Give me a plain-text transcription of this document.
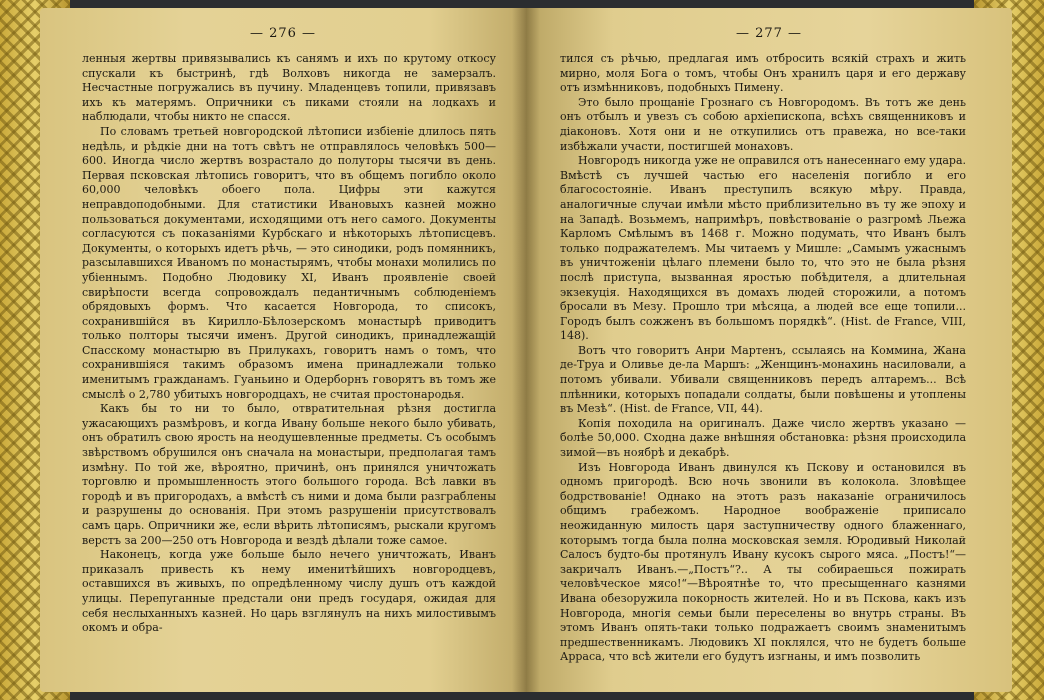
— 276 —

ленныя жертвы привязывались къ санямъ и ихъ по крутому откосу спускали къ быстринѣ, гдѣ Волховъ никогда не замерзалъ. Несчастные погружались въ пучину. Младенцевъ топили, привязавъ ихъ къ матерямъ. Опричники съ пиками стояли на лодкахъ и наблюдали, чтобы никто не спасся.

По словамъ третьей новгородской лѣтописи избіеніе длилось пять недѣль, и рѣдкіе дни на тотъ свѣтъ не отправлялось человѣкъ 500—600. Иногда число жертвъ возрастало до полуторы тысячи въ день. Первая псковская лѣтопись говоритъ, что въ общемъ погибло около 60,000 человѣкъ обоего пола. Цифры эти кажутся неправдоподобными. Для статистики Ивановыхъ казней можно пользоваться документами, исходящими отъ него самого. Документы согласуются съ показаніями Курбскаго и нѣкоторыхъ лѣтописцевъ. Документы, о которыхъ идетъ рѣчь, — это синодики, родъ помянникъ, разсылавшихся Иваномъ по монастырямъ, чтобы монахи молились по убіеннымъ. Подобно Людовику XI, Иванъ проявленіе своей свирѣпости всегда сопровождалъ педантичнымъ соблюденіемъ обрядовыхъ формъ. Что касается Новгорода, то списокъ, сохранившійся въ Кирилло-Бѣлозерскомъ монастырѣ приводитъ только полторы тысячи именъ. Другой синодикъ, принадлежащій Спасскому монастырю въ Прилукахъ, говоритъ намъ о томъ, что сохранившіяся такимъ образомъ имена принадлежали только именитымъ гражданамъ. Гуаньино и Одерборнъ говорятъ въ томъ же смыслѣ о 2,780 убитыхъ новгородцахъ, не считая простонародья.

Какъ бы то ни то было, отвратительная рѣзня достигла ужасающихъ размѣровъ, и когда Ивану больше некого было убивать, онъ обратилъ свою ярость на неодушевленные предметы. Съ особымъ звѣрствомъ обрушился онъ сначала на монастыри, предполагая тамъ измѣну. По той же, вѣроятно, причинѣ, онъ принялся уничтожать торговлю и промышленность этого большого города. Всѣ лавки въ городѣ и въ пригородахъ, а вмѣстѣ съ ними и дома были разграблены и разрушены до основанія. При этомъ разрушеніи присутствовалъ самъ царь. Опричники же, если вѣрить лѣтописямъ, рыскали кругомъ верстъ за 200—250 отъ Новгорода и вездѣ дѣлали тоже самое.

Наконецъ, когда уже больше было нечего уничтожать, Иванъ приказалъ привесть къ нему именитѣйшихъ новгородцевъ, оставшихся въ живыхъ, по опредѣленному числу душъ отъ каждой улицы. Перепуганные предстали они предъ государя, ожидая для себя неслыханныхъ казней. Но царь взглянулъ на нихъ милостивымъ окомъ и обра-

— 277 —

тился съ рѣчью, предлагая имъ отбросить всякій страхъ и жить мирно, моля Бога о томъ, чтобы Онъ хранилъ царя и его державу отъ измѣнниковъ, подобныхъ Пимену.

Это было прощаніе Грознаго съ Новгородомъ. Въ тотъ же день онъ отбылъ и увезъ съ собою архіепископа, всѣхъ священниковъ и діаконовъ. Хотя они и не откупились отъ правежа, но все-таки избѣжали участи, постигшей монаховъ.

Новгородъ никогда уже не оправился отъ нанесеннаго ему удара. Вмѣстѣ съ лучшей частью его населенія погибло и его благосостояніе. Иванъ преступилъ всякую мѣру. Правда, аналогичные случаи имѣли мѣсто приблизительно въ ту же эпоху и на Западѣ. Возьмемъ, напримѣръ, повѣствованіе о разгромѣ Льежа Карломъ Смѣлымъ въ 1468 г. Можно подумать, что Иванъ былъ только подражателемъ. Мы читаемъ у Мишле: „Самымъ ужаснымъ въ уничтоженіи цѣлаго племени было то, что это не была рѣзня послѣ приступа, вызванная яростью побѣдителя, а длительная экзекуція. Находящихся въ домахъ людей сторожили, а потомъ бросали въ Мезу. Прошло три мѣсяца, а людей все еще топили... Городъ былъ сожженъ въ большомъ порядкѣ“. (Hist. de France, VIII, 148).

Вотъ что говоритъ Анри Мартенъ, ссылаясь на Коммина, Жана де-Труа и Оливье де-ла Маршъ: „Женщинъ-монахинь насиловали, а потомъ убивали. Убивали священниковъ передъ алтаремъ... Всѣ плѣнники, которыхъ попадали солдаты, были повѣшены и утоплены въ Мезѣ“. (Hist. de France, VII, 44).

Копія походила на оригиналъ. Даже число жертвъ указано — болѣе 50,000. Сходна даже внѣшняя обстановка: рѣзня происходила зимой—въ ноябрѣ и декабрѣ.

Изъ Новгорода Иванъ двинулся къ Пскову и остановился въ одномъ пригородѣ. Всю ночь звонили въ колокола. Зловѣщее бодрствованіе! Однако на этотъ разъ наказаніе ограничилось общимъ грабежомъ. Народное воображеніе приписало неожиданную милость царя заступничеству одного блаженнаго, которымъ тогда была полна московская земля. Юродивый Николай Салосъ будто-бы протянулъ Ивану кусокъ сырого мяса. „Постъ!“—закричалъ Иванъ.—„Постъ“?.. А ты собираешься пожирать человѣческое мясо!“—Вѣроятнѣе то, что пресыщеннаго казнями Ивана обезоружила покорность жителей. Но и въ Пскова, какъ изъ Новгорода, многія семьи были переселены во внутрь страны. Въ этомъ Иванъ опять-таки только подражаетъ своимъ знаменитымъ предшественникамъ. Людовикъ XI поклялся, что не будетъ больше Арраса, что всѣ жители его будутъ изгнаны, и имъ позволить
